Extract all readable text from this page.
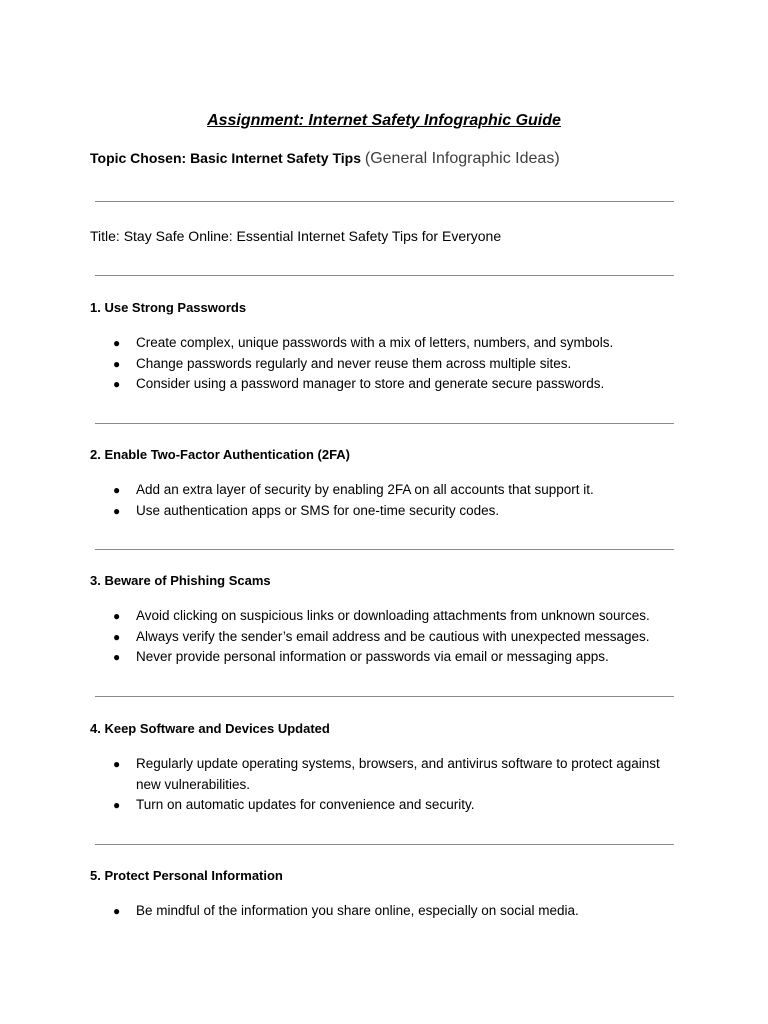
Assignment: Internet Safety Infographic Guide
Topic Chosen: Basic Internet Safety Tips (General Infographic Ideas)
Title: Stay Safe Online: Essential Internet Safety Tips for Everyone
1. Use Strong Passwords
● Create complex, unique passwords with a mix of letters, numbers, and symbols.
● Change passwords regularly and never reuse them across multiple sites.
● Consider using a password manager to store and generate secure passwords.
2. Enable Two-Factor Authentication (2FA)
● Add an extra layer of security by enabling 2FA on all accounts that support it.
● Use authentication apps or SMS for one-time security codes.
3. Beware of Phishing Scams
● Avoid clicking on suspicious links or downloading attachments from unknown sources.
● Always verify the sender’s email address and be cautious with unexpected messages.
● Never provide personal information or passwords via email or messaging apps.
4. Keep Software and Devices Updated
● Regularly update operating systems, browsers, and antivirus software to protect against new vulnerabilities.
● Turn on automatic updates for convenience and security.
5. Protect Personal Information
● Be mindful of the information you share online, especially on social media.
